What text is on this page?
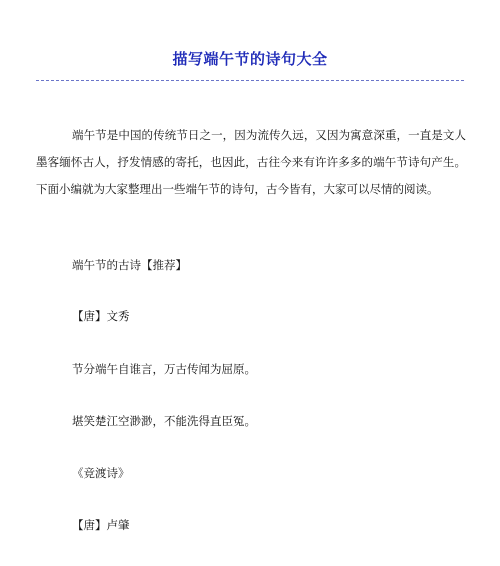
描写端午节的诗句大全

端午节是中国的传统节日之一，因为流传久远，又因为寓意深重，一直是文人墨客缅怀古人，抒发情感的寄托，也因此，古往今来有许许多多的端午节诗句产生。下面小编就为大家整理出一些端午节的诗句，古今皆有，大家可以尽情的阅读。

端午节的古诗【推荐】

【唐】文秀

节分端午自谁言，万古传闻为屈原。

堪笑楚江空渺渺，不能洗得直臣冤。

《竞渡诗》

【唐】卢肇
